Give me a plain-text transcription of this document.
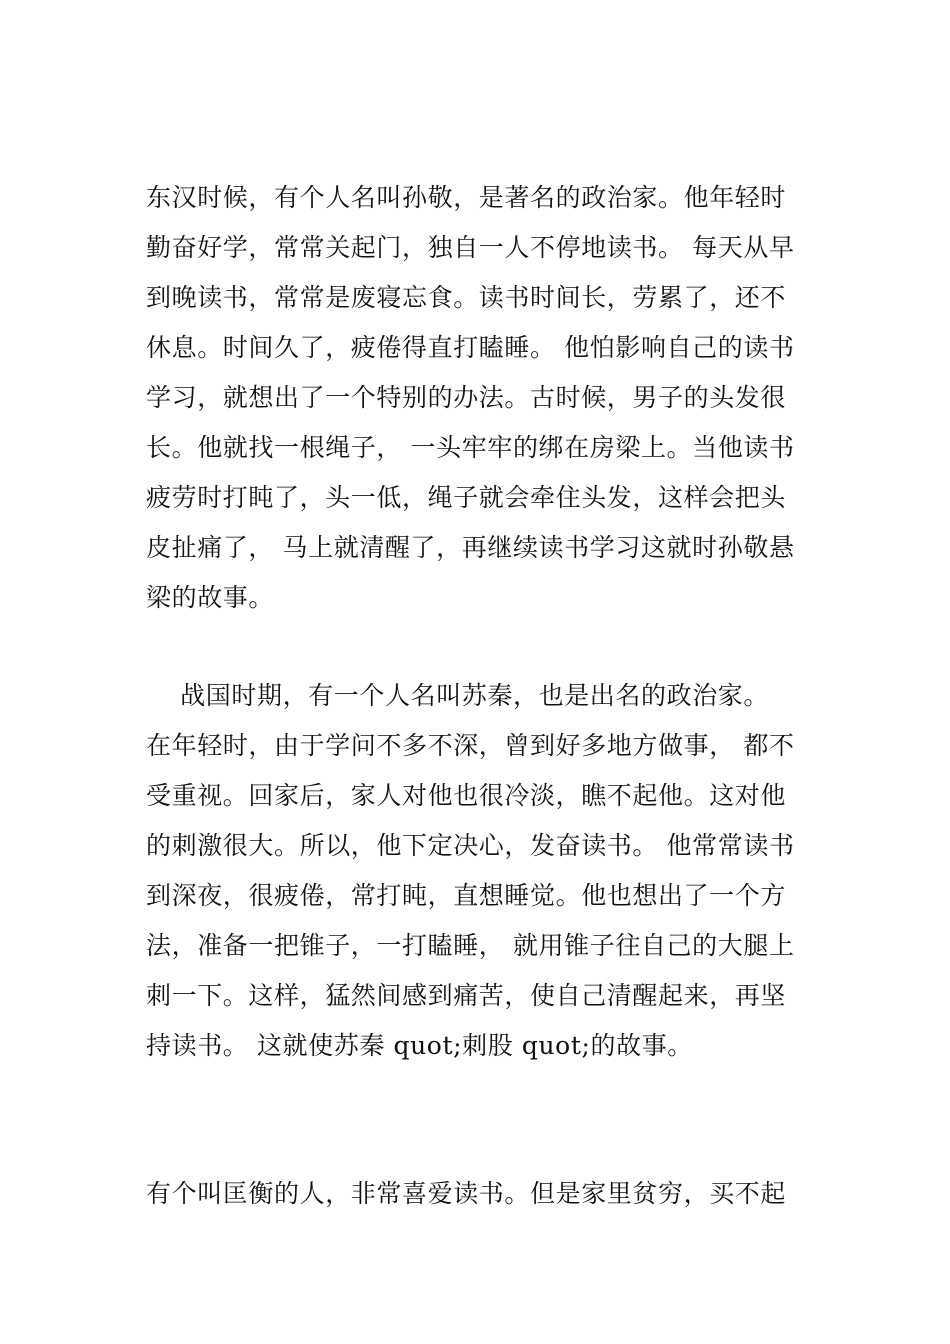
东汉时候，有个人名叫孙敬，是著名的政治家。他年轻时
勤奋好学，常常关起门，独自一人不停地读书。 每天从早
到晚读书，常常是废寝忘食。读书时间长，劳累了，还不
休息。时间久了，疲倦得直打瞌睡。 他怕影响自己的读书
学习，就想出了一个特别的办法。古时候，男子的头发很
长。他就找一根绳子， 一头牢牢的绑在房梁上。当他读书
疲劳时打盹了，头一低，绳子就会牵住头发，这样会把头
皮扯痛了， 马上就清醒了，再继续读书学习这就时孙敬悬
梁的故事。
战国时期，有一个人名叫苏秦，也是出名的政治家。
在年轻时，由于学问不多不深，曾到好多地方做事， 都不
受重视。回家后，家人对他也很冷淡，瞧不起他。这对他
的刺激很大。所以，他下定决心，发奋读书。 他常常读书
到深夜，很疲倦，常打盹，直想睡觉。他也想出了一个方
法，准备一把锥子，一打瞌睡， 就用锥子往自己的大腿上
刺一下。这样，猛然间感到痛苦，使自己清醒起来，再坚
持读书。 这就使苏秦 quot;刺股 quot;的故事。
有个叫匡衡的人，非常喜爱读书。但是家里贫穷，买不起
